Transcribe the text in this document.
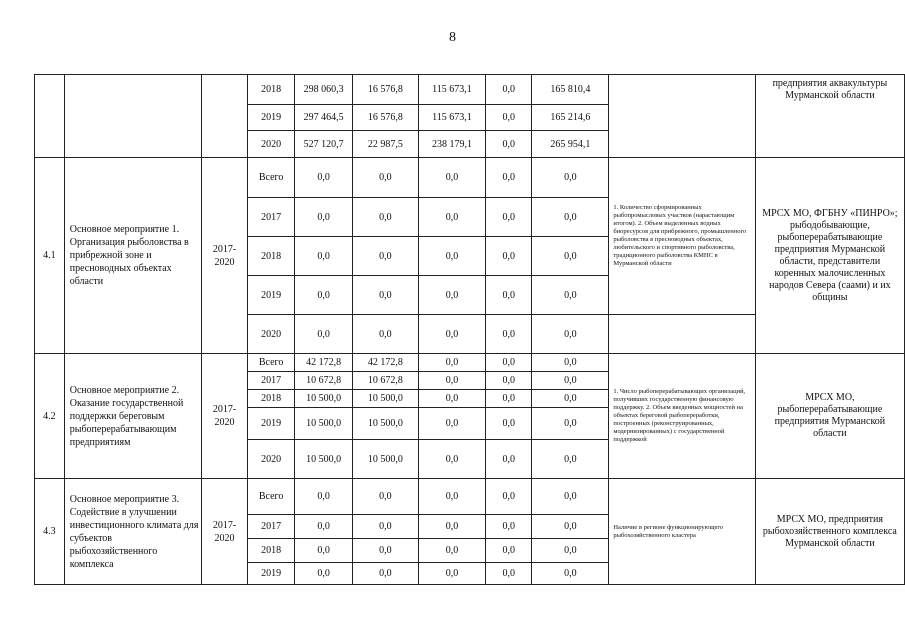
8
			2018	298 060,3	16 576,8	115 673,1	0,0	165 810,4		предприятия аквакультуры Мурманской области
			2019	297 464,5	16 576,8	115 673,1	0,0	165 214,6		
			2020	527 120,7	22 987,5	238 179,1	0,0	265 954,1		
4.1	Основное мероприятие 1. Организация рыболовства в прибрежной зоне и пресноводных объектах области	2017-2020	Всего	0,0	0,0	0,0	0,0	0,0	1. Количество сформированных рыбопромысловых участков (нарастающим итогом). 2. Объем выделенных водных биоресурсов для прибрежного, промышленного рыболовства в пресноводных объектах, любительского и спортивного рыболовства, традиционного рыболовства КМНС в Мурманской области	МРСХ МО, ФГБНУ «ПИНРО»; рыбодобывающие, рыбоперерабатывающие предприятия Мурманской области, представители коренных малочисленных народов Севера (саами) и их общины
			2017	0,0	0,0	0,0	0,0	0,0		
			2018	0,0	0,0	0,0	0,0	0,0		
			2019	0,0	0,0	0,0	0,0	0,0		
			2020	0,0	0,0	0,0	0,0	0,0		
4.2	Основное мероприятие 2. Оказание государственной поддержки береговым рыбоперерабатывающим предприятиям	2017-2020	Всего	42 172,8	42 172,8	0,0	0,0	0,0	1. Число рыбоперерабатывающих организаций, получивших государственную финансовую поддержку. 2. Объем введенных мощностей на объектах береговой рыбопереработки, построенных (реконструированных, модернизированных) с государственной поддержкой	МРСХ МО, рыбоперерабатывающие предприятия Мурманской области
			2017	10 672,8	10 672,8	0,0	0,0	0,0		
			2018	10 500,0	10 500,0	0,0	0,0	0,0		
			2019	10 500,0	10 500,0	0,0	0,0	0,0		
			2020	10 500,0	10 500,0	0,0	0,0	0,0		
4.3	Основное мероприятие 3. Содействие в улучшении инвестиционного климата для субъектов рыбохозяйственного комплекса	2017-2020	Всего	0,0	0,0	0,0	0,0	0,0	Наличие в регионе функционирующего рыбохозяйственного кластера	МРСХ МО, предприятия рыбохозяйственного комплекса Мурманской области
			2017	0,0	0,0	0,0	0,0	0,0		
			2018	0,0	0,0	0,0	0,0	0,0		
			2019	0,0	0,0	0,0	0,0	0,0		
